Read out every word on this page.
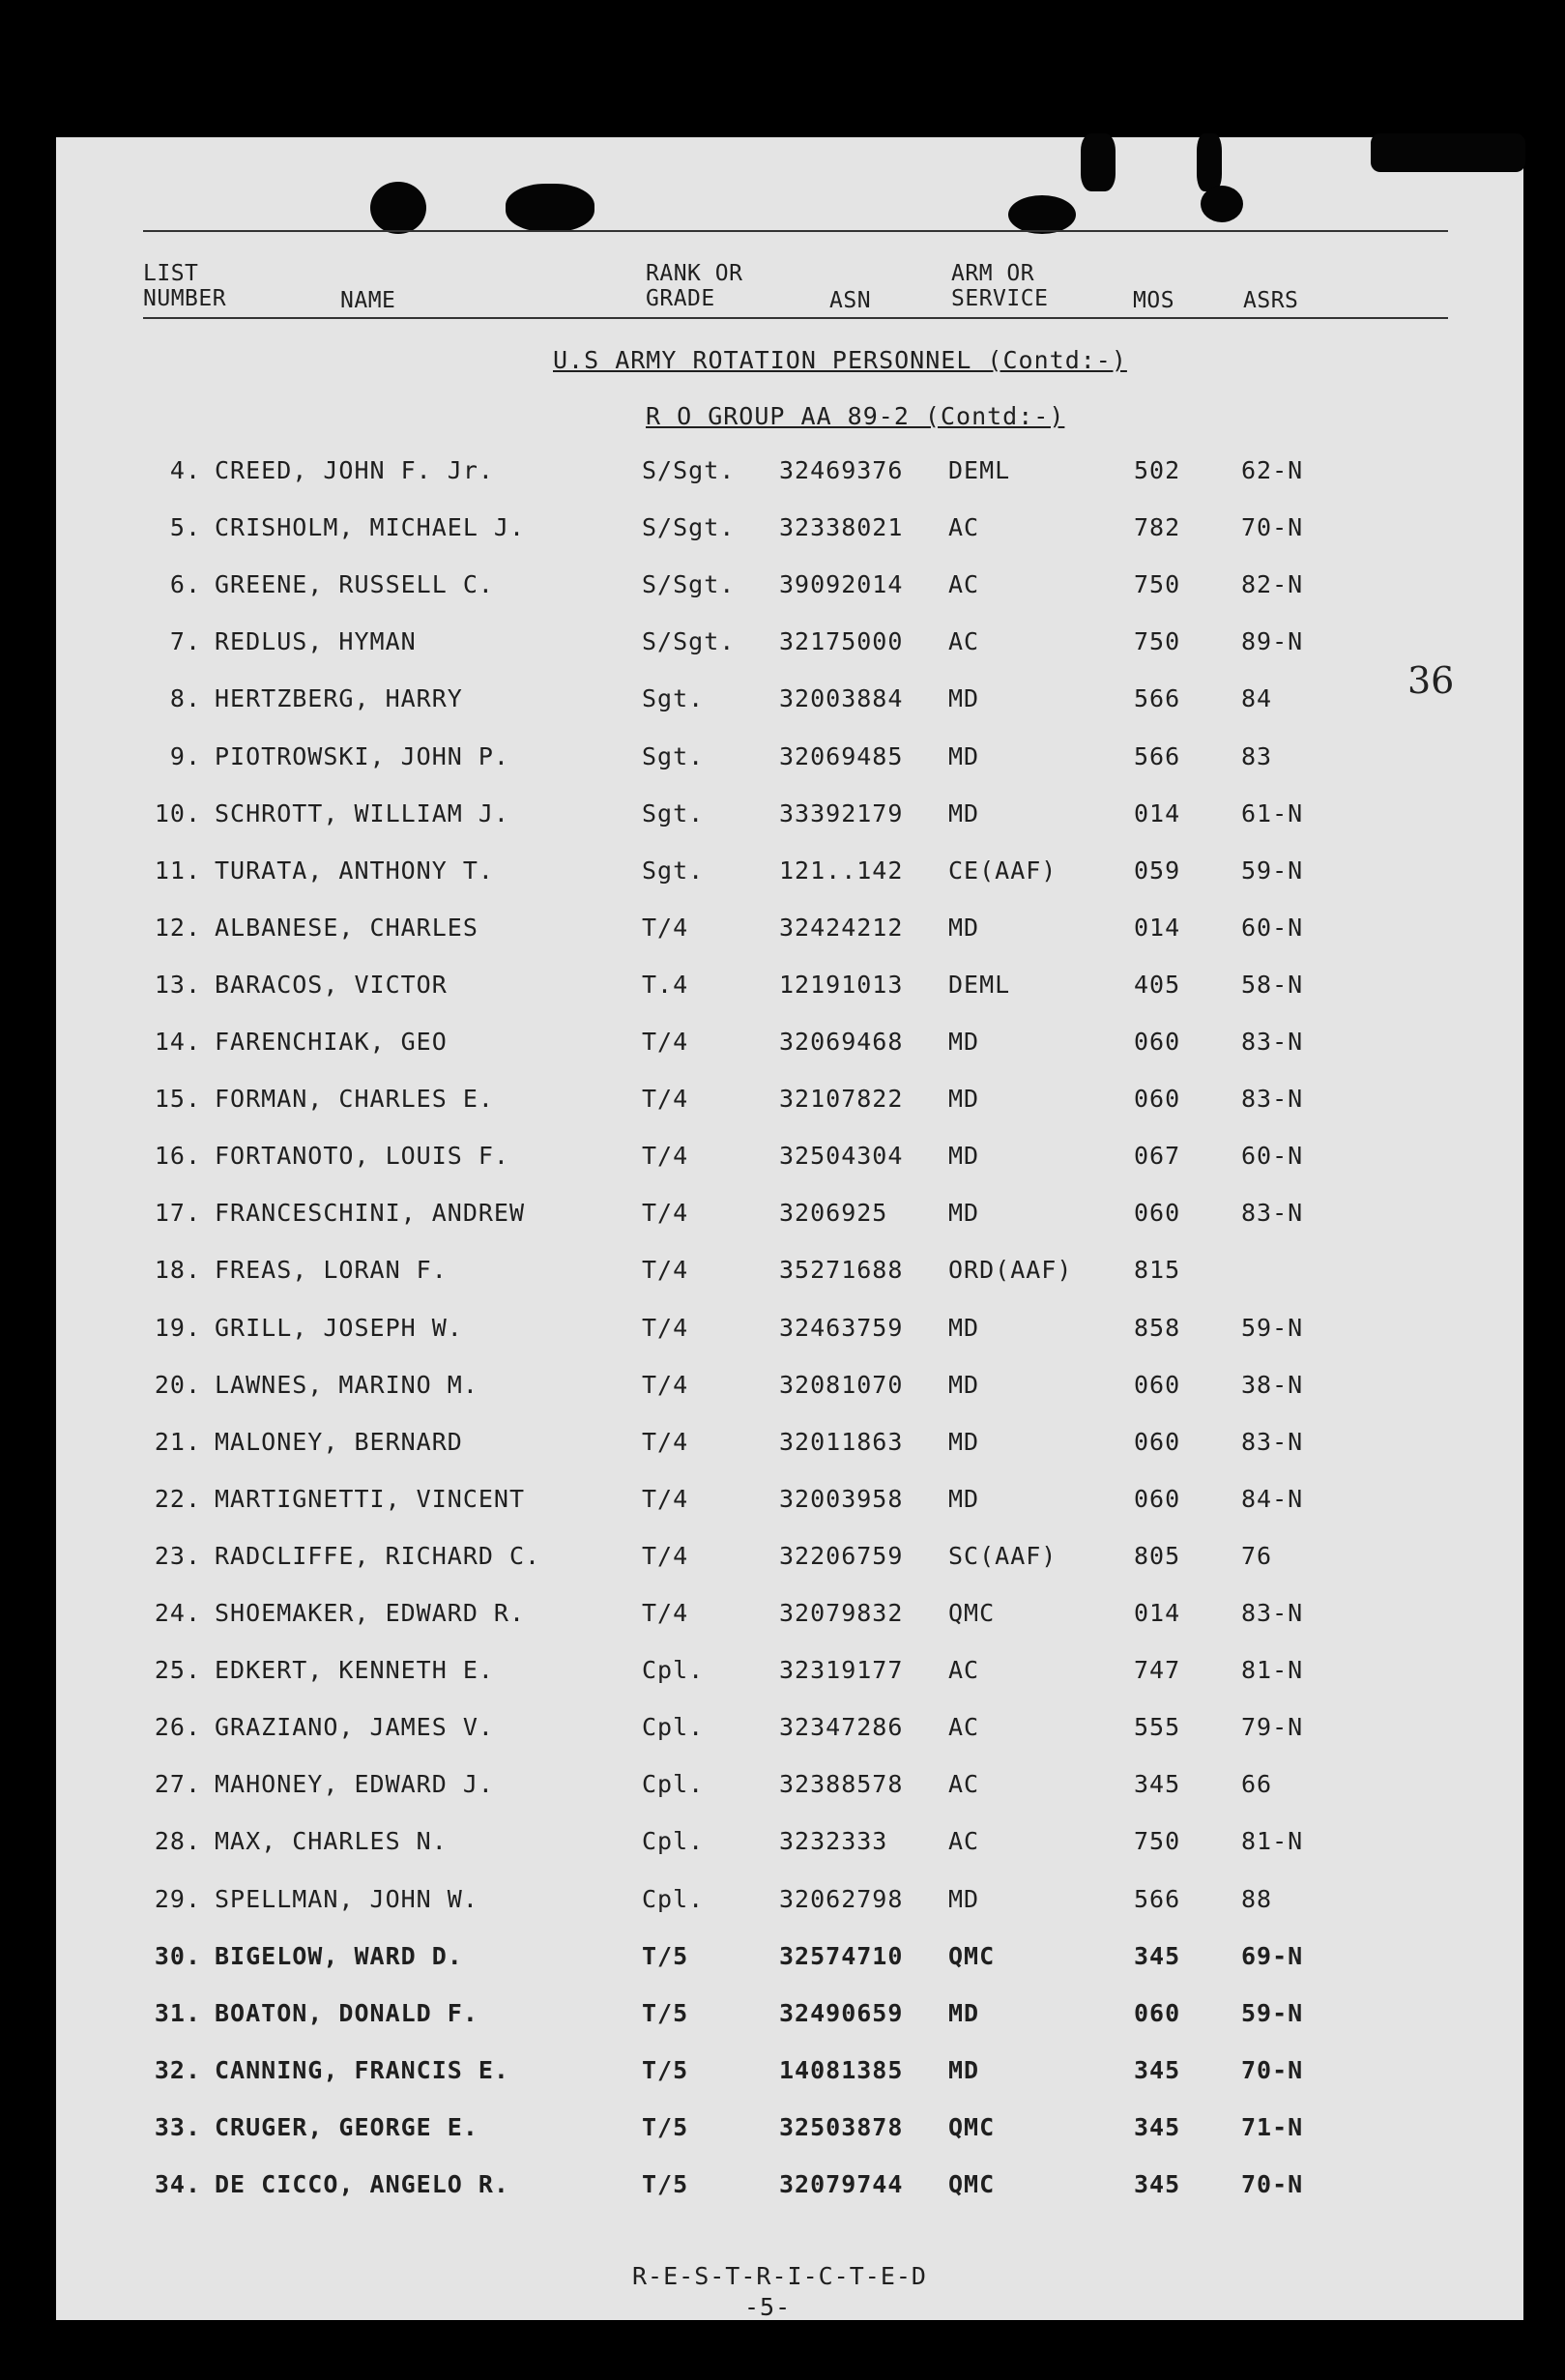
LIST
NUMBER	NAME
RANK OR
GRADE	ASN
ARM OR
SERVICE	MOS	ASRS
U.S ARMY ROTATION PERSONNEL (Contd:-)
R O GROUP AA 89-2 (Contd:-)
36
4. CREED, JOHN F. Jr.	S/Sgt. 32469376 DEML	502	62-N
5. CRISHOLM, MICHAEL J.	S/Sgt. 32338021 AC	782	70-N
6. GREENE, RUSSELL C.	S/Sgt. 39092014 AC	750	82-N
7. REDLUS, HYMAN	S/Sgt. 32175000 AC	750	89-N
8. HERTZBERG, HARRY	Sgt.	32003884 MD	566	84
9. PIOTROWSKI, JOHN P.	Sgt.	32069485 MD	566	83
10. SCHROTT, WILLIAM J.	Sgt.	33392179 MD	014	61-N
11. TURATA, ANTHONY T.	Sgt.	121..142 CE(AAF)	059	59-N
12. ALBANESE, CHARLES	T/4	32424212 MD	014	60-N
13. BARACOS, VICTOR	T.4	12191013 DEML	405	58-N
14. FARENCHIAK, GEO	T/4	32069468 MD	060	83-N
15. FORMAN, CHARLES E.	T/4	32107822 MD	060	83-N
16. FORTANOTO, LOUIS F.	T/4	32504304 MD	067	60-N
17. FRANCESCHINI, ANDREW	T/4	3206925	MD	060	83-N
18. FREAS, LORAN F.	T/4	35271688 ORD(AAF)	815
19. GRILL, JOSEPH W.	T/4	32463759 MD	858	59-N
20. LAWNES, MARINO M.	T/4	32081070 MD	060	38-N
21. MALONEY, BERNARD	T/4	32011863 MD	060	83-N
22. MARTIGNETTI, VINCENT	T/4	32003958 MD	060	84-N
23. RADCLIFFE, RICHARD C.	T/4	32206759 SC(AAF)	805	76
24. SHOEMAKER, EDWARD R.	T/4	32079832 QMC	014	83-N
25. EDKERT, KENNETH E.	Cpl.	32319177 AC	747	81-N
26. GRAZIANO, JAMES V.	Cpl.	32347286 AC	555	79-N
27. MAHONEY, EDWARD J.	Cpl.	32388578 AC	345	66
28. MAX, CHARLES N.	Cpl.	3232333	AC	750	81-N
29. SPELLMAN, JOHN W.	Cpl.	32062798 MD	566	88
30. BIGELOW, WARD D.	T/5	32574710 QMC	345	69-N
31. BOATON, DONALD F.	T/5	32490659 MD	060	59-N
32. CANNING, FRANCIS E.	T/5	14081385 MD	345	70-N
33. CRUGER, GEORGE E.	T/5	32503878 QMC	345	71-N
34. DE CICCO, ANGELO R.	T/5	32079744 QMC	345	70-N
R-E-S-T-R-I-C-T-E-D
-5-
